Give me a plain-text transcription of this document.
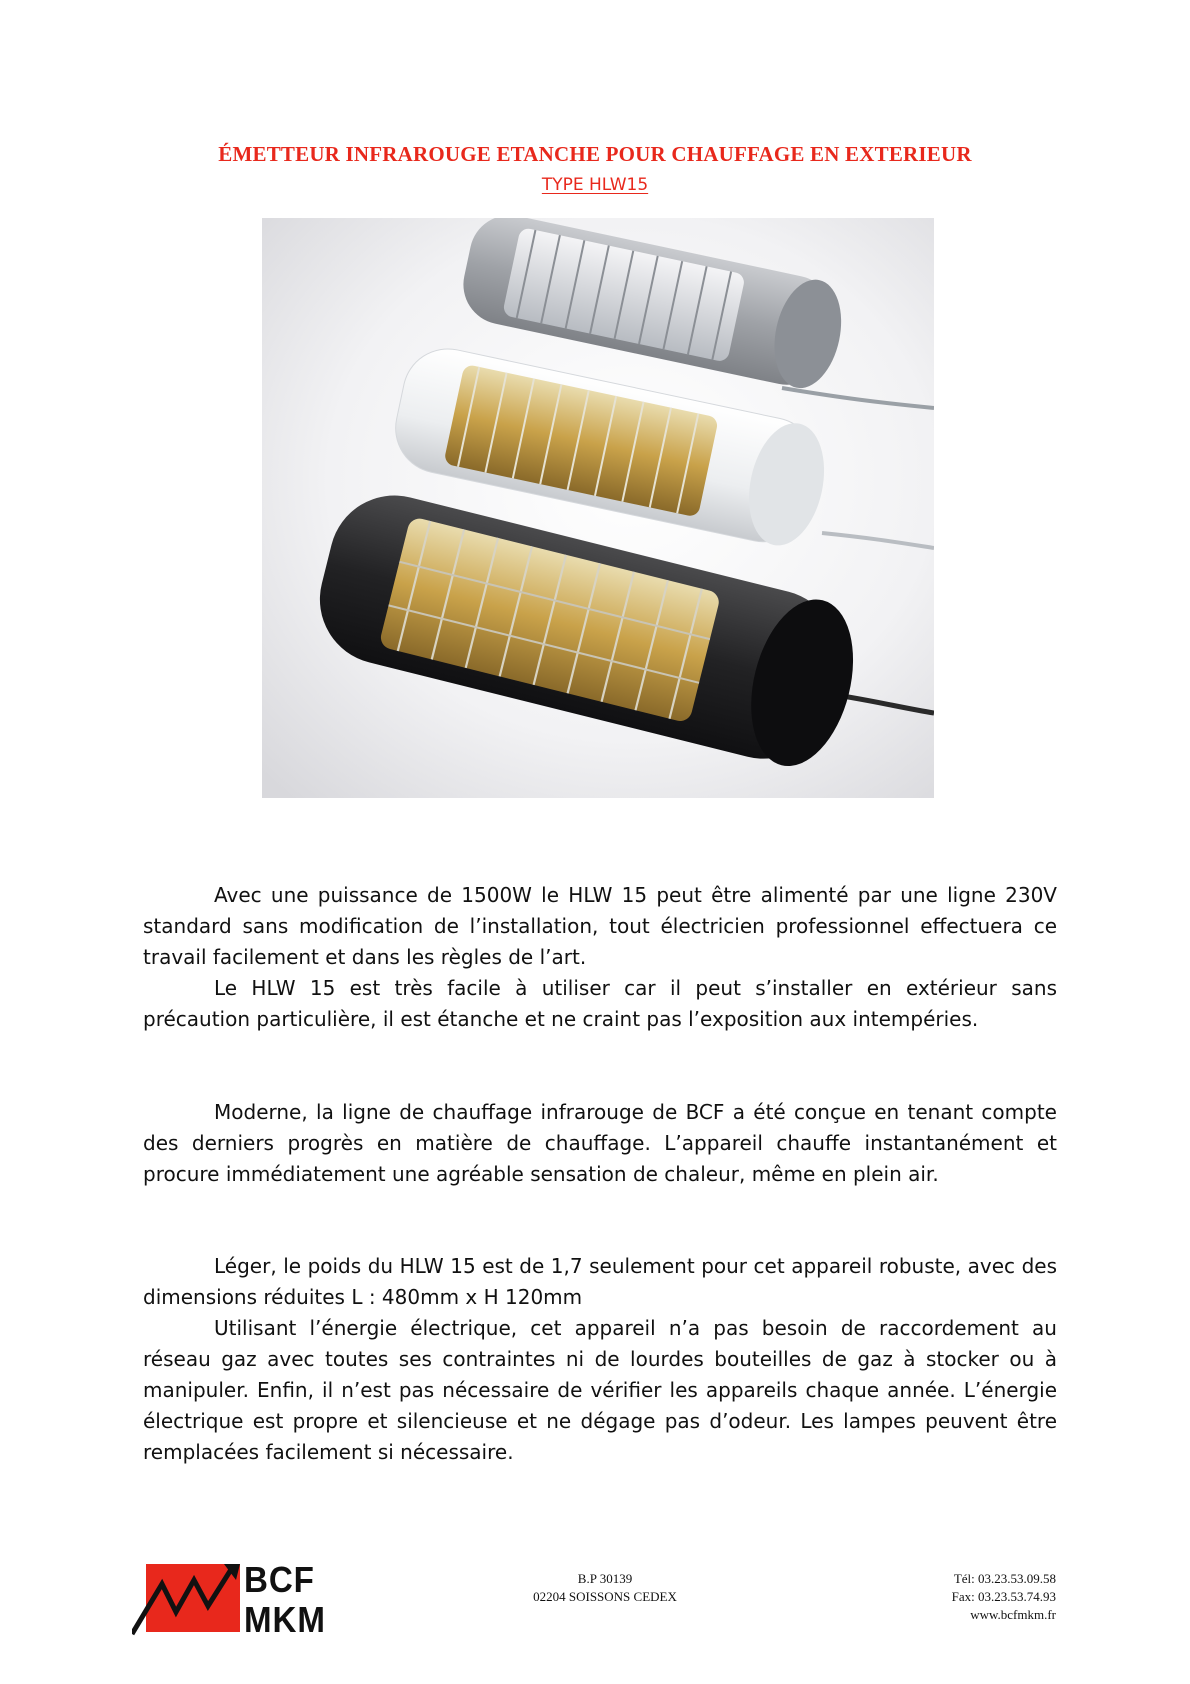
ÉMETTEUR INFRAROUGE ETANCHE POUR CHAUFFAGE EN EXTERIEUR
TYPE HLW15

Avec une puissance de 1500W le HLW 15 peut être alimenté par une ligne 230V standard sans modification de l’installation, tout électricien professionnel effectuera ce travail facilement et dans les règles de l’art.

Le HLW 15 est très facile à utiliser car il peut s’installer en extérieur sans précaution particulière, il est étanche et ne craint pas l’exposition aux intempéries.

Moderne, la ligne de chauffage infrarouge de BCF a été conçue en tenant compte des derniers progrès en matière de chauffage. L’appareil chauffe instantanément et procure immédiatement une agréable sensation de chaleur, même en plein air.

Léger, le poids du HLW 15 est de 1,7 seulement pour cet appareil robuste, avec des dimensions réduites L : 480mm x H 120mm

Utilisant l’énergie électrique, cet appareil n’a pas besoin de raccordement au réseau gaz avec toutes ses contraintes ni de lourdes bouteilles de gaz à stocker ou à manipuler. Enfin, il n’est pas nécessaire de vérifier les appareils chaque année. L’énergie électrique est propre et silencieuse et ne dégage pas d’odeur. Les lampes peuvent être remplacées facilement si nécessaire.

BCF
MKM
B.P 30139
02204 SOISSONS CEDEX
Tél: 03.23.53.09.58
Fax: 03.23.53.74.93
www.bcfmkm.fr
